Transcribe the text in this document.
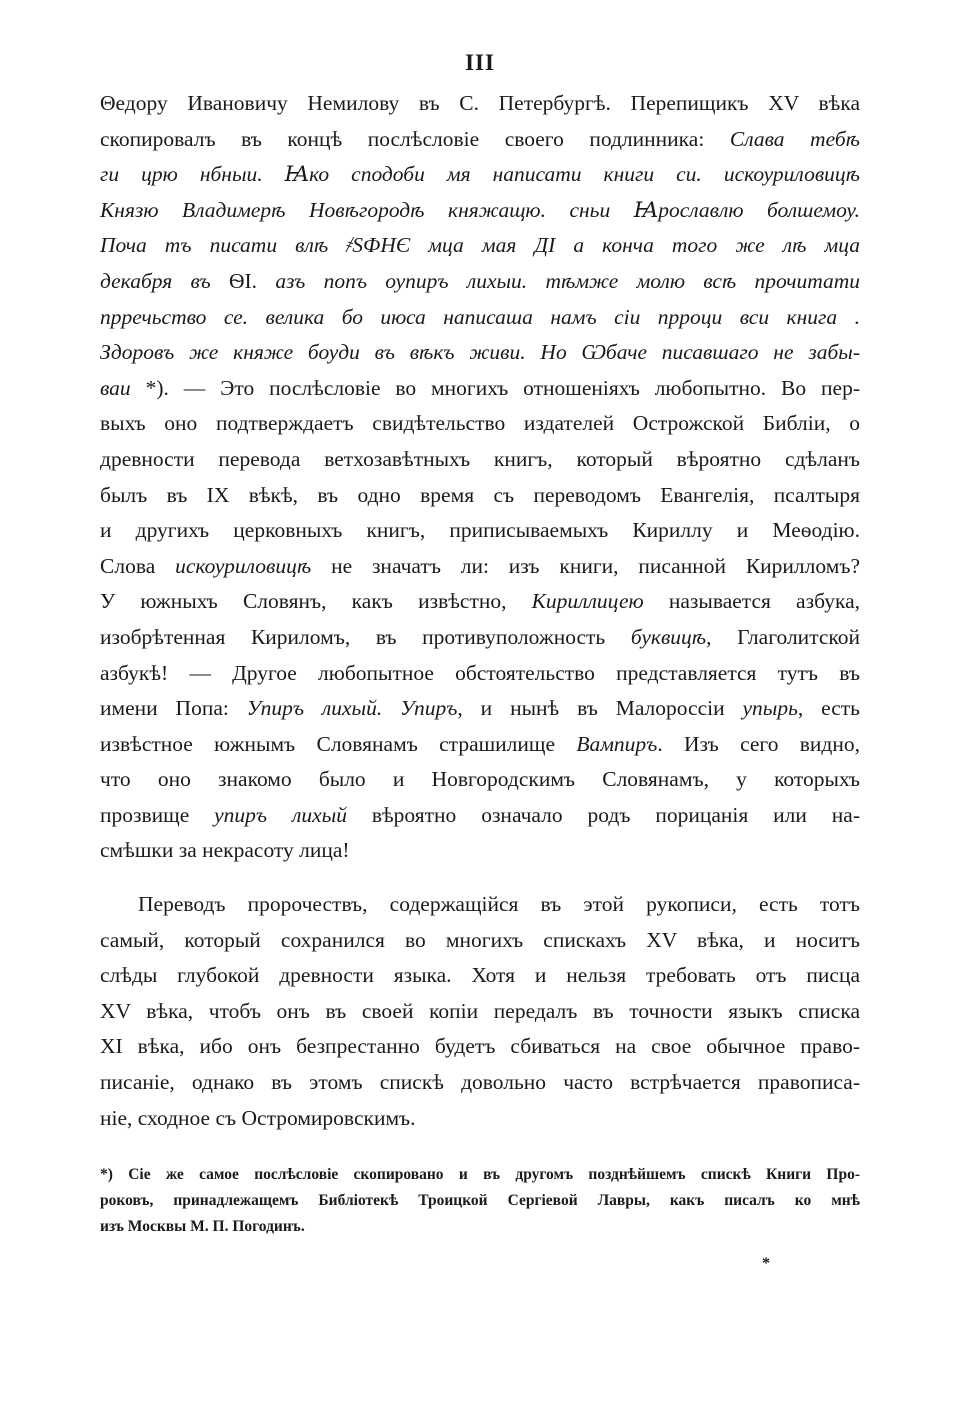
III
Θедору Ивановичу Немилову въ С. Петербургѣ. Перепищикъ XV вѣка
скопировалъ въ концѣ послѣсловіе своего подлинника: Слава тебѣ
ги црю нбныи. Ꙗко сподоби мя написати книги си. искоуриловицѣ
Князю Владимерѣ Новѣгородѣ княжащю. сньи Ꙗрославлю болшемоу.
Поча тъ писати влѣ ҂ЅФНЄ мца мая ДІ а конча того же лѣ мца
декабря въ ѲІ. азъ попъ оупиръ лихыи. тѣмже молю всѣ прочитати
прречьство се. велика бо июса написаша намъ сіи прроци вси книга .
Здоровъ же княже боуди въ вѣкъ живи. Но Ѡбаче писавшаго не забы-
ваи *). — Это послѣсловіе во многихъ отношеніяхъ любопытно. Во пер-
выхъ оно подтверждаетъ свидѣтельство издателей Острожской Библіи, о
древности перевода ветхозавѣтныхъ книгъ, который вѣроятно сдѣланъ
былъ въ IX вѣкѣ, въ одно время съ переводомъ Евангелія, псалтыря
и другихъ церковныхъ книгъ, приписываемыхъ Кириллу и Меѳодію.
Слова искоуриловицѣ не значатъ ли: изъ книги, писанной Кирилломъ?
У южныхъ Словянъ, какъ извѣстно, Кириллицею называется азбука,
изобрѣтенная Кириломъ, въ противуположность буквицѣ, Глаголитской
азбукѣ! — Другое любопытное обстоятельство представляется тутъ въ
имени Попа: Упиръ лихый. Упиръ, и нынѣ въ Малороссіи упырь, есть
извѣстное южнымъ Словянамъ страшилище Вампиръ. Изъ сего видно,
что оно знакомо было и Новгородскимъ Словянамъ, у которыхъ
прозвище упиръ лихый вѣроятно означало родъ порицанія или на-
смѣшки за некрасоту лица!
Переводъ пророчествъ, содержащійся въ этой рукописи, есть тотъ
самый, который сохранился во многихъ спискахъ XV вѣка, и носитъ
слѣды глубокой древности языка. Хотя и нельзя требовать отъ писца
XV вѣка, чтобъ онъ въ своей копіи передалъ въ точности языкъ списка
XI вѣка, ибо онъ безпрестанно будетъ сбиваться на свое обычное право-
писаніе, однако въ этомъ спискѣ довольно часто встрѣчается правописа-
ніе, сходное съ Остромировскимъ.
*) Сіе же самое послѣсловіе скопировано и въ другомъ позднѣйшемъ спискѣ Книги Про-
роковъ, принадлежащемъ Библіотекѣ Троицкой Сергіевой Лавры, какъ писалъ ко мнѣ
изъ Москвы М. П. Погодинъ.
*
